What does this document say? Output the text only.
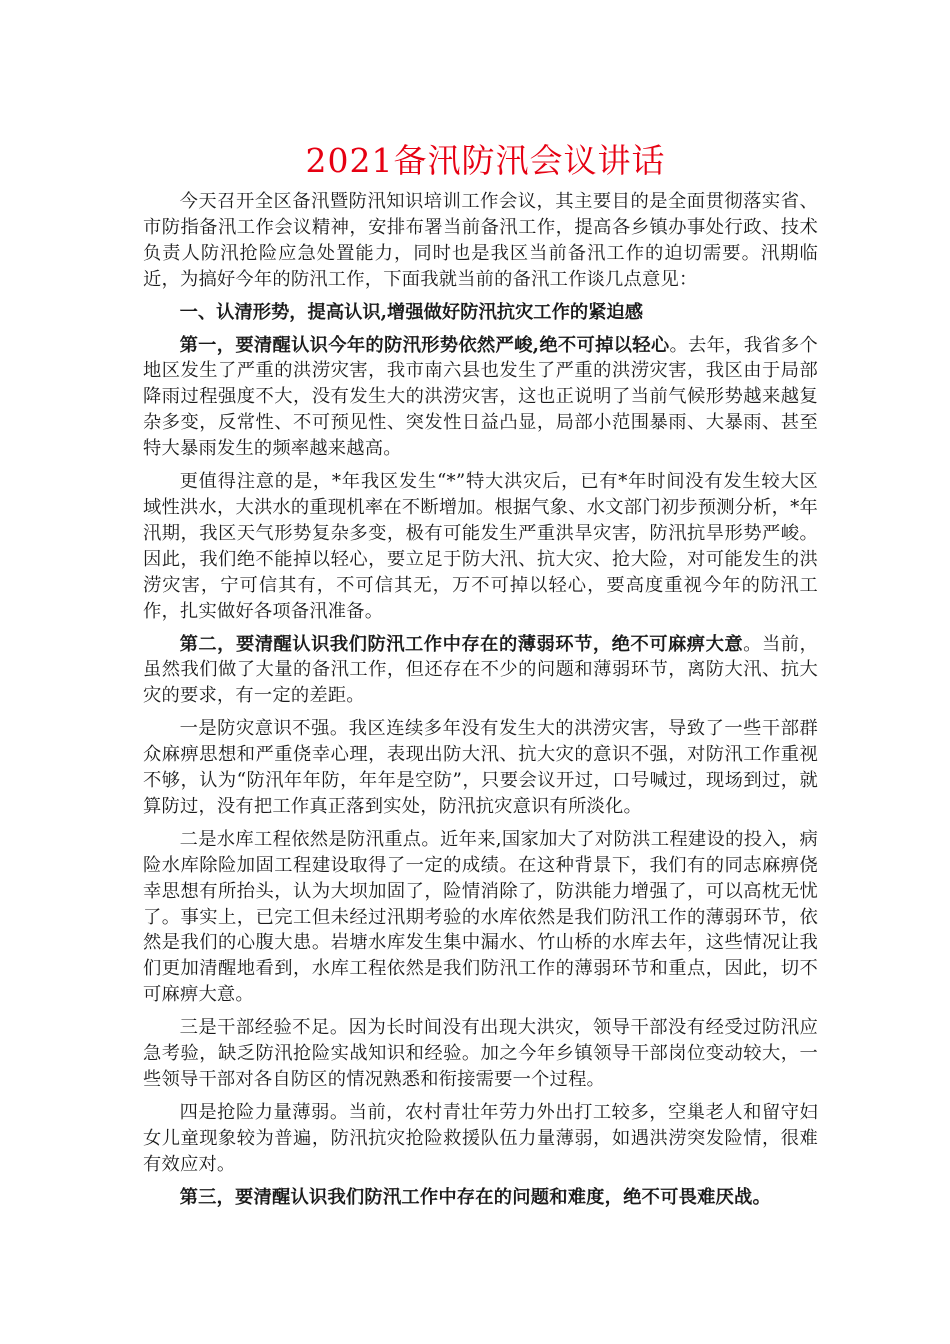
2021备汛防汛会议讲话

今天召开全区备汛暨防汛知识培训工作会议，其主要目的是全面贯彻落实省、市防指备汛工作会议精神，安排布署当前备汛工作，提高各乡镇办事处行政、技术负责人防汛抢险应急处置能力，同时也是我区当前备汛工作的迫切需要。汛期临近，为搞好今年的防汛工作，下面我就当前的备汛工作谈几点意见：

一、认清形势，提高认识,增强做好防汛抗灾工作的紧迫感

第一，要清醒认识今年的防汛形势依然严峻,绝不可掉以轻心。去年，我省多个地区发生了严重的洪涝灾害，我市南六县也发生了严重的洪涝灾害，我区由于局部降雨过程强度不大，没有发生大的洪涝灾害，这也正说明了当前气候形势越来越复杂多变，反常性、不可预见性、突发性日益凸显，局部小范围暴雨、大暴雨、甚至特大暴雨发生的频率越来越高。

更值得注意的是，*年我区发生“*”特大洪灾后，已有*年时间没有发生较大区域性洪水，大洪水的重现机率在不断增加。根据气象、水文部门初步预测分析，*年汛期，我区天气形势复杂多变，极有可能发生严重洪旱灾害，防汛抗旱形势严峻。因此，我们绝不能掉以轻心，要立足于防大汛、抗大灾、抢大险，对可能发生的洪涝灾害，宁可信其有，不可信其无，万不可掉以轻心，要高度重视今年的防汛工作，扎实做好各项备汛准备。

第二，要清醒认识我们防汛工作中存在的薄弱环节，绝不可麻痹大意。当前，虽然我们做了大量的备汛工作，但还存在不少的问题和薄弱环节，离防大汛、抗大灾的要求，有一定的差距。

一是防灾意识不强。我区连续多年没有发生大的洪涝灾害，导致了一些干部群众麻痹思想和严重侥幸心理，表现出防大汛、抗大灾的意识不强，对防汛工作重视不够，认为“防汛年年防，年年是空防”，只要会议开过，口号喊过，现场到过，就算防过，没有把工作真正落到实处，防汛抗灾意识有所淡化。

二是水库工程依然是防汛重点。近年来,国家加大了对防洪工程建设的投入，病险水库除险加固工程建设取得了一定的成绩。在这种背景下，我们有的同志麻痹侥幸思想有所抬头，认为大坝加固了，险情消除了，防洪能力增强了，可以高枕无忧了。事实上，已完工但未经过汛期考验的水库依然是我们防汛工作的薄弱环节，依然是我们的心腹大患。岩塘水库发生集中漏水、竹山桥的水库去年，这些情况让我们更加清醒地看到，水库工程依然是我们防汛工作的薄弱环节和重点，因此，切不可麻痹大意。

三是干部经验不足。因为长时间没有出现大洪灾，领导干部没有经受过防汛应急考验，缺乏防汛抢险实战知识和经验。加之今年乡镇领导干部岗位变动较大，一些领导干部对各自防区的情况熟悉和衔接需要一个过程。

四是抢险力量薄弱。当前，农村青壮年劳力外出打工较多，空巢老人和留守妇女儿童现象较为普遍，防汛抗灾抢险救援队伍力量薄弱，如遇洪涝突发险情，很难有效应对。

第三，要清醒认识我们防汛工作中存在的问题和难度，绝不可畏难厌战。
